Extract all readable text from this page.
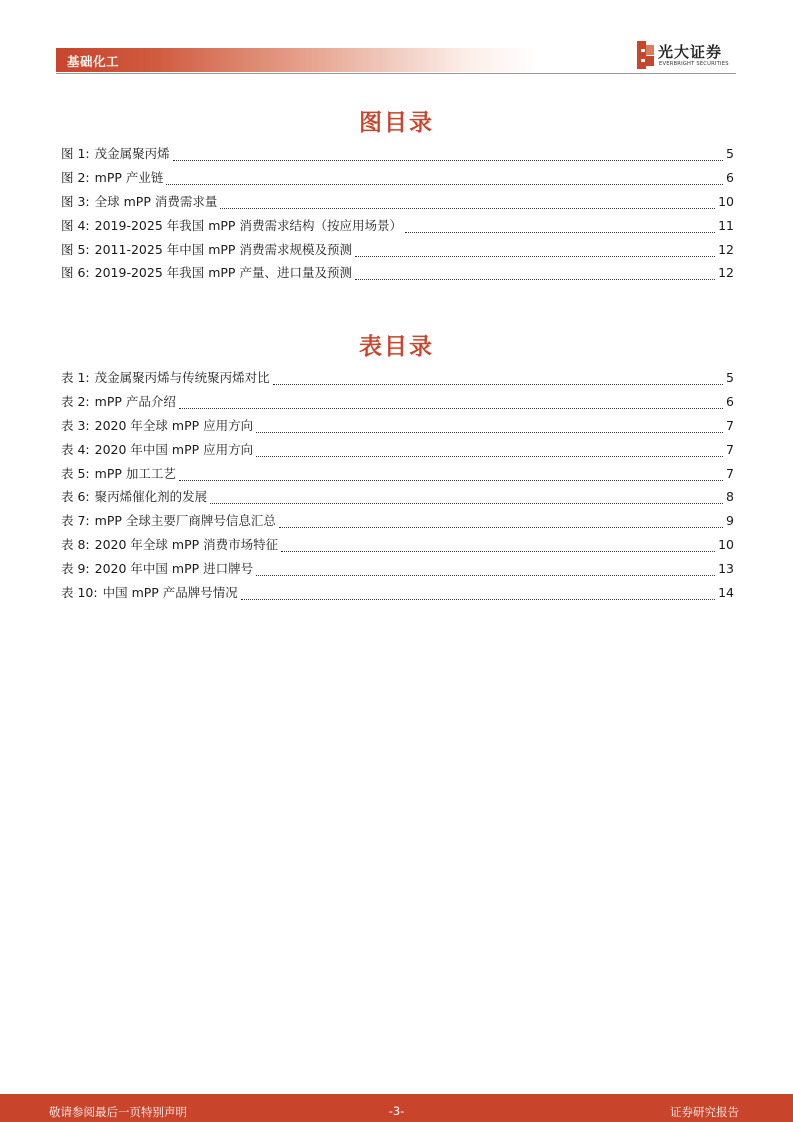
基础化工
光大证券
EVERBRIGHT SECURITIES
图目录
图 1: 茂金属聚丙烯	5
图 2: mPP 产业链	6
图 3: 全球 mPP 消费需求量	10
图 4: 2019-2025 年我国 mPP 消费需求结构（按应用场景）	11
图 5: 2011-2025 年中国 mPP 消费需求规模及预测	12
图 6: 2019-2025 年我国 mPP 产量、进口量及预测	12
表目录
表 1: 茂金属聚丙烯与传统聚丙烯对比	5
表 2: mPP 产品介绍	6
表 3: 2020 年全球 mPP 应用方向	7
表 4: 2020 年中国 mPP 应用方向	7
表 5: mPP 加工工艺	7
表 6: 聚丙烯催化剂的发展	8
表 7: mPP 全球主要厂商牌号信息汇总	9
表 8: 2020 年全球 mPP 消费市场特征	10
表 9: 2020 年中国 mPP 进口牌号	13
表 10: 中国 mPP 产品牌号情况	14
敬请参阅最后一页特别声明	-3-	证券研究报告
